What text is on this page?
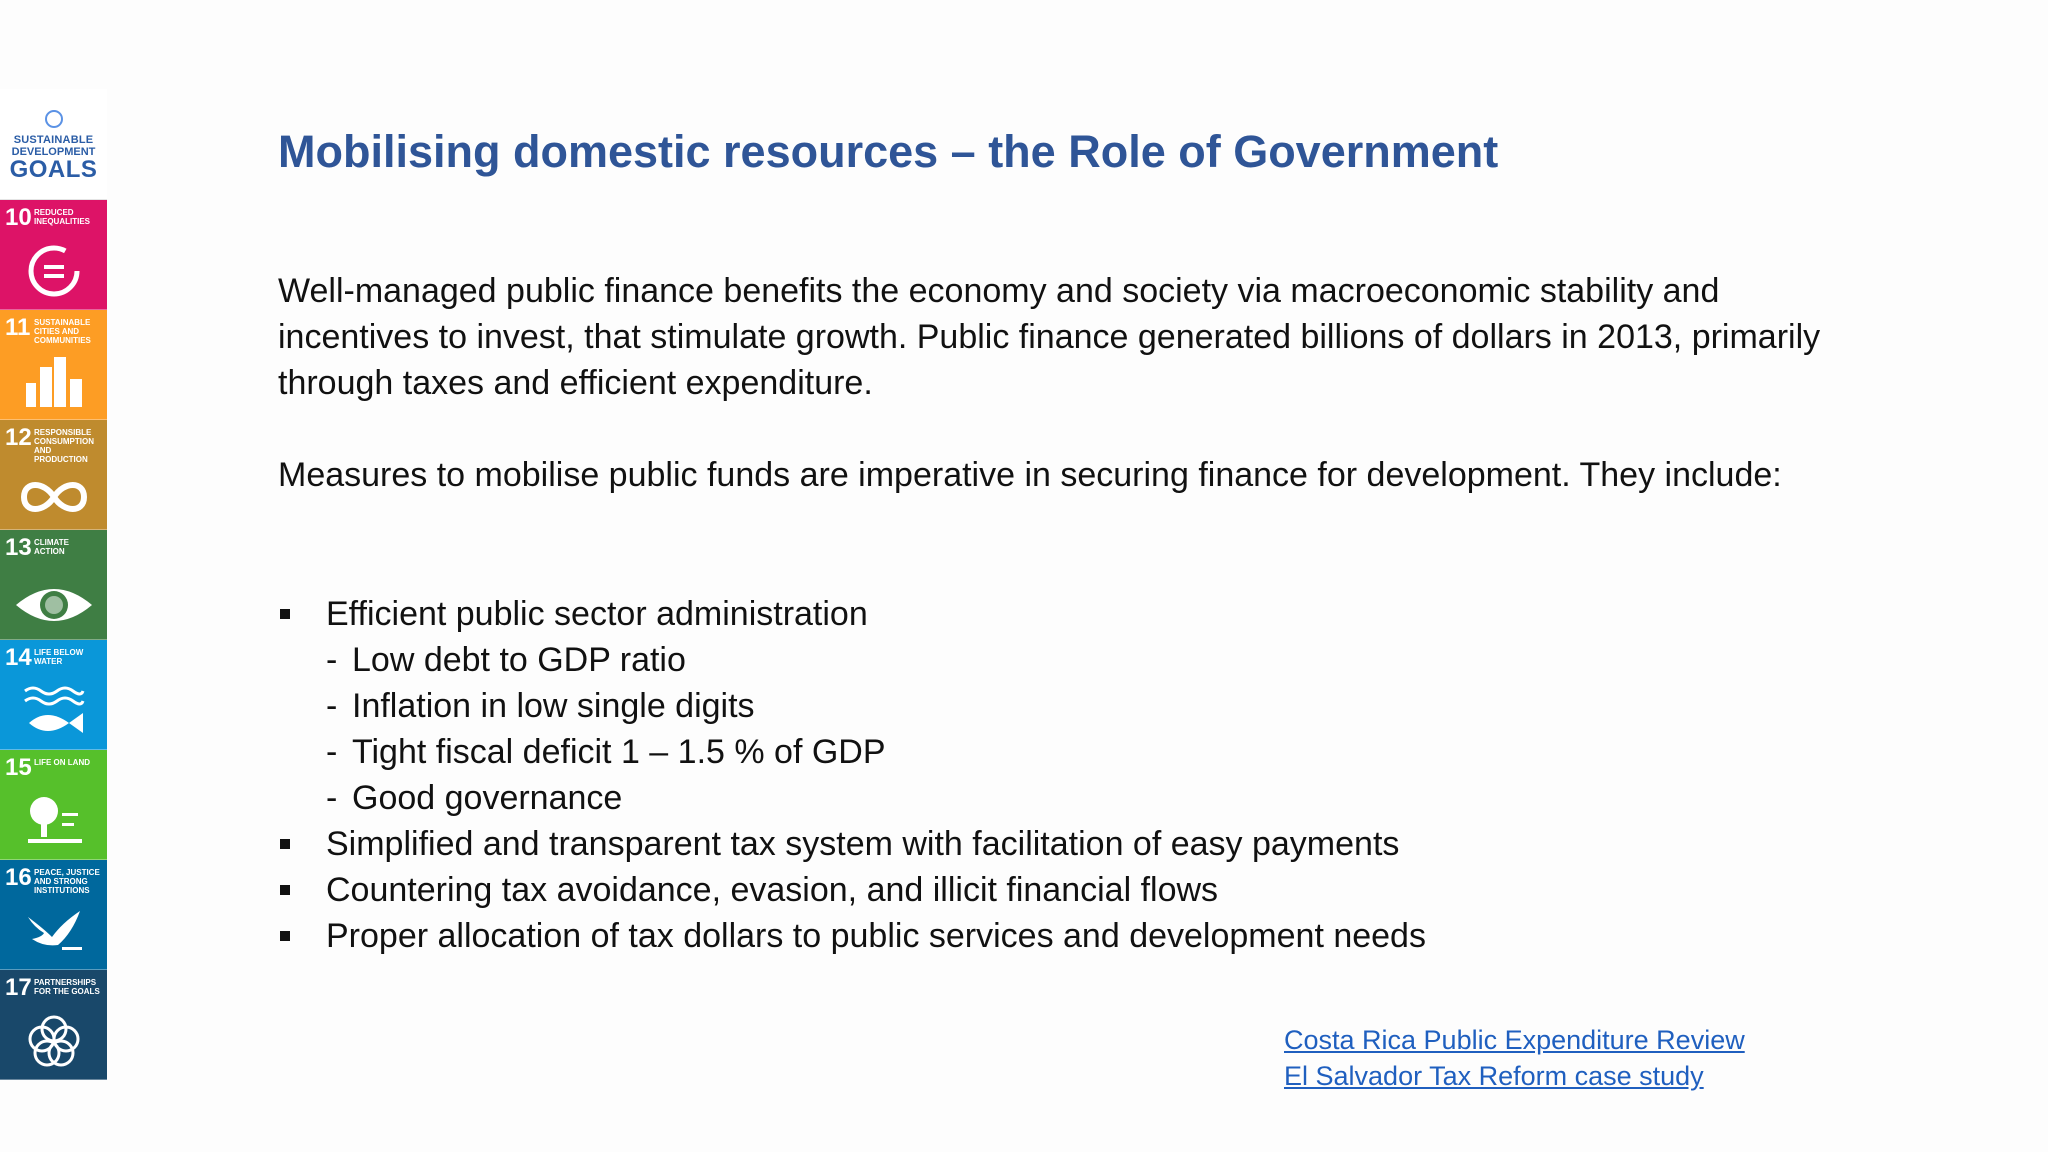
SUSTAINABLE
DEVELOPMENT
GOALS
10 REDUCED INEQUALITIES
11 SUSTAINABLE CITIES AND COMMUNITIES
12 RESPONSIBLE CONSUMPTION AND PRODUCTION
13 CLIMATE ACTION
14 LIFE BELOW WATER
15 LIFE ON LAND
16 PEACE, JUSTICE AND STRONG INSTITUTIONS
17 PARTNERSHIPS FOR THE GOALS
Mobilising domestic resources – the Role of Government

Well-managed public finance benefits the economy and society via macroeconomic stability and incentives to invest, that stimulate growth. Public finance generated billions of dollars in 2013, primarily through taxes and efficient expenditure.

Measures to mobilise public funds are imperative in securing finance for development. They include:

Efficient public sector administration
- Low debt to GDP ratio
- Inflation in low single digits
- Tight fiscal deficit 1 – 1.5 % of GDP
- Good governance
Simplified and transparent tax system with facilitation of easy payments
Countering tax avoidance, evasion, and illicit financial flows
Proper allocation of tax dollars to public services and development needs
Costa Rica Public Expenditure Review
El Salvador Tax Reform case study
